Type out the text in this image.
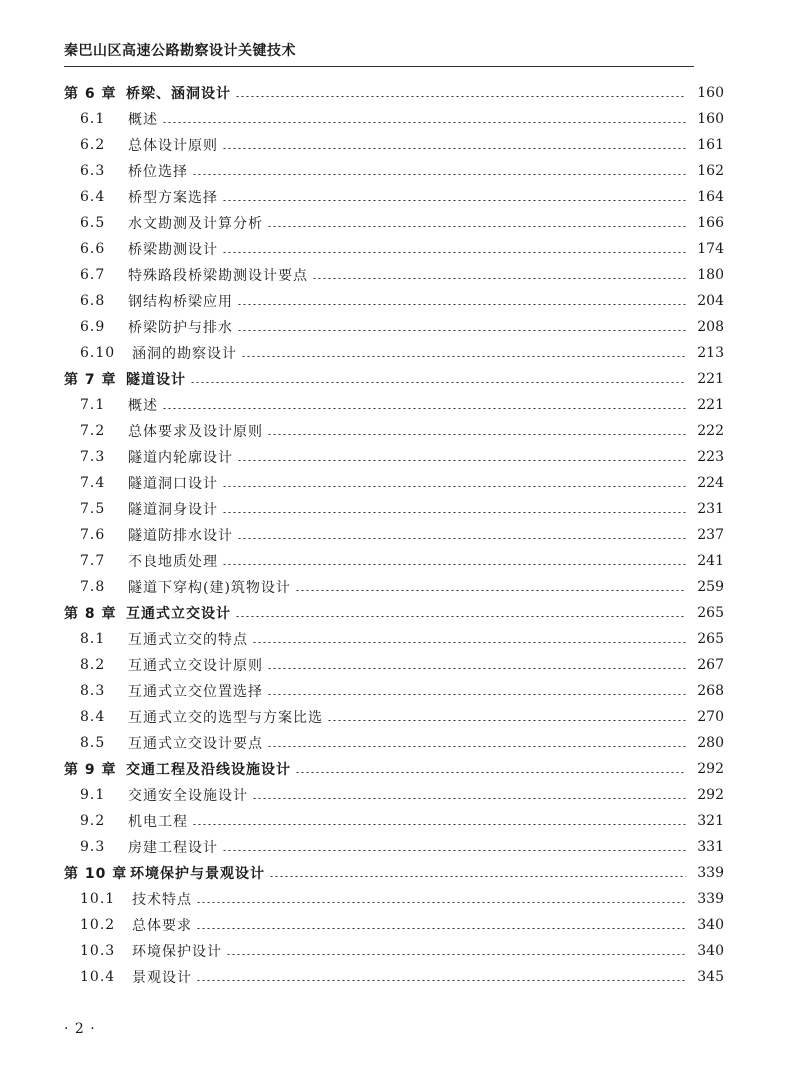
秦巴山区高速公路勘察设计关键技术
第 6 章 桥梁、涵洞设计	160
6.1	概述	160
6.2	总体设计原则	161
6.3	桥位选择	162
6.4	桥型方案选择	164
6.5	水文勘测及计算分析	166
6.6	桥梁勘测设计	174
6.7	特殊路段桥梁勘测设计要点	180
6.8	钢结构桥梁应用	204
6.9	桥梁防护与排水	208
6.10	涵洞的勘察设计	213
第 7 章 隧道设计	221
7.1	概述	221
7.2	总体要求及设计原则	222
7.3	隧道内轮廓设计	223
7.4	隧道洞口设计	224
7.5	隧道洞身设计	231
7.6	隧道防排水设计	237
7.7	不良地质处理	241
7.8	隧道下穿构(建)筑物设计	259
第 8 章 互通式立交设计	265
8.1	互通式立交的特点	265
8.2	互通式立交设计原则	267
8.3	互通式立交位置选择	268
8.4	互通式立交的选型与方案比选	270
8.5	互通式立交设计要点	280
第 9 章 交通工程及沿线设施设计	292
9.1	交通安全设施设计	292
9.2	机电工程	321
9.3	房建工程设计	331
第 10 章 环境保护与景观设计	339
10.1	技术特点	339
10.2	总体要求	340
10.3	环境保护设计	340
10.4	景观设计	345
· 2 ·
